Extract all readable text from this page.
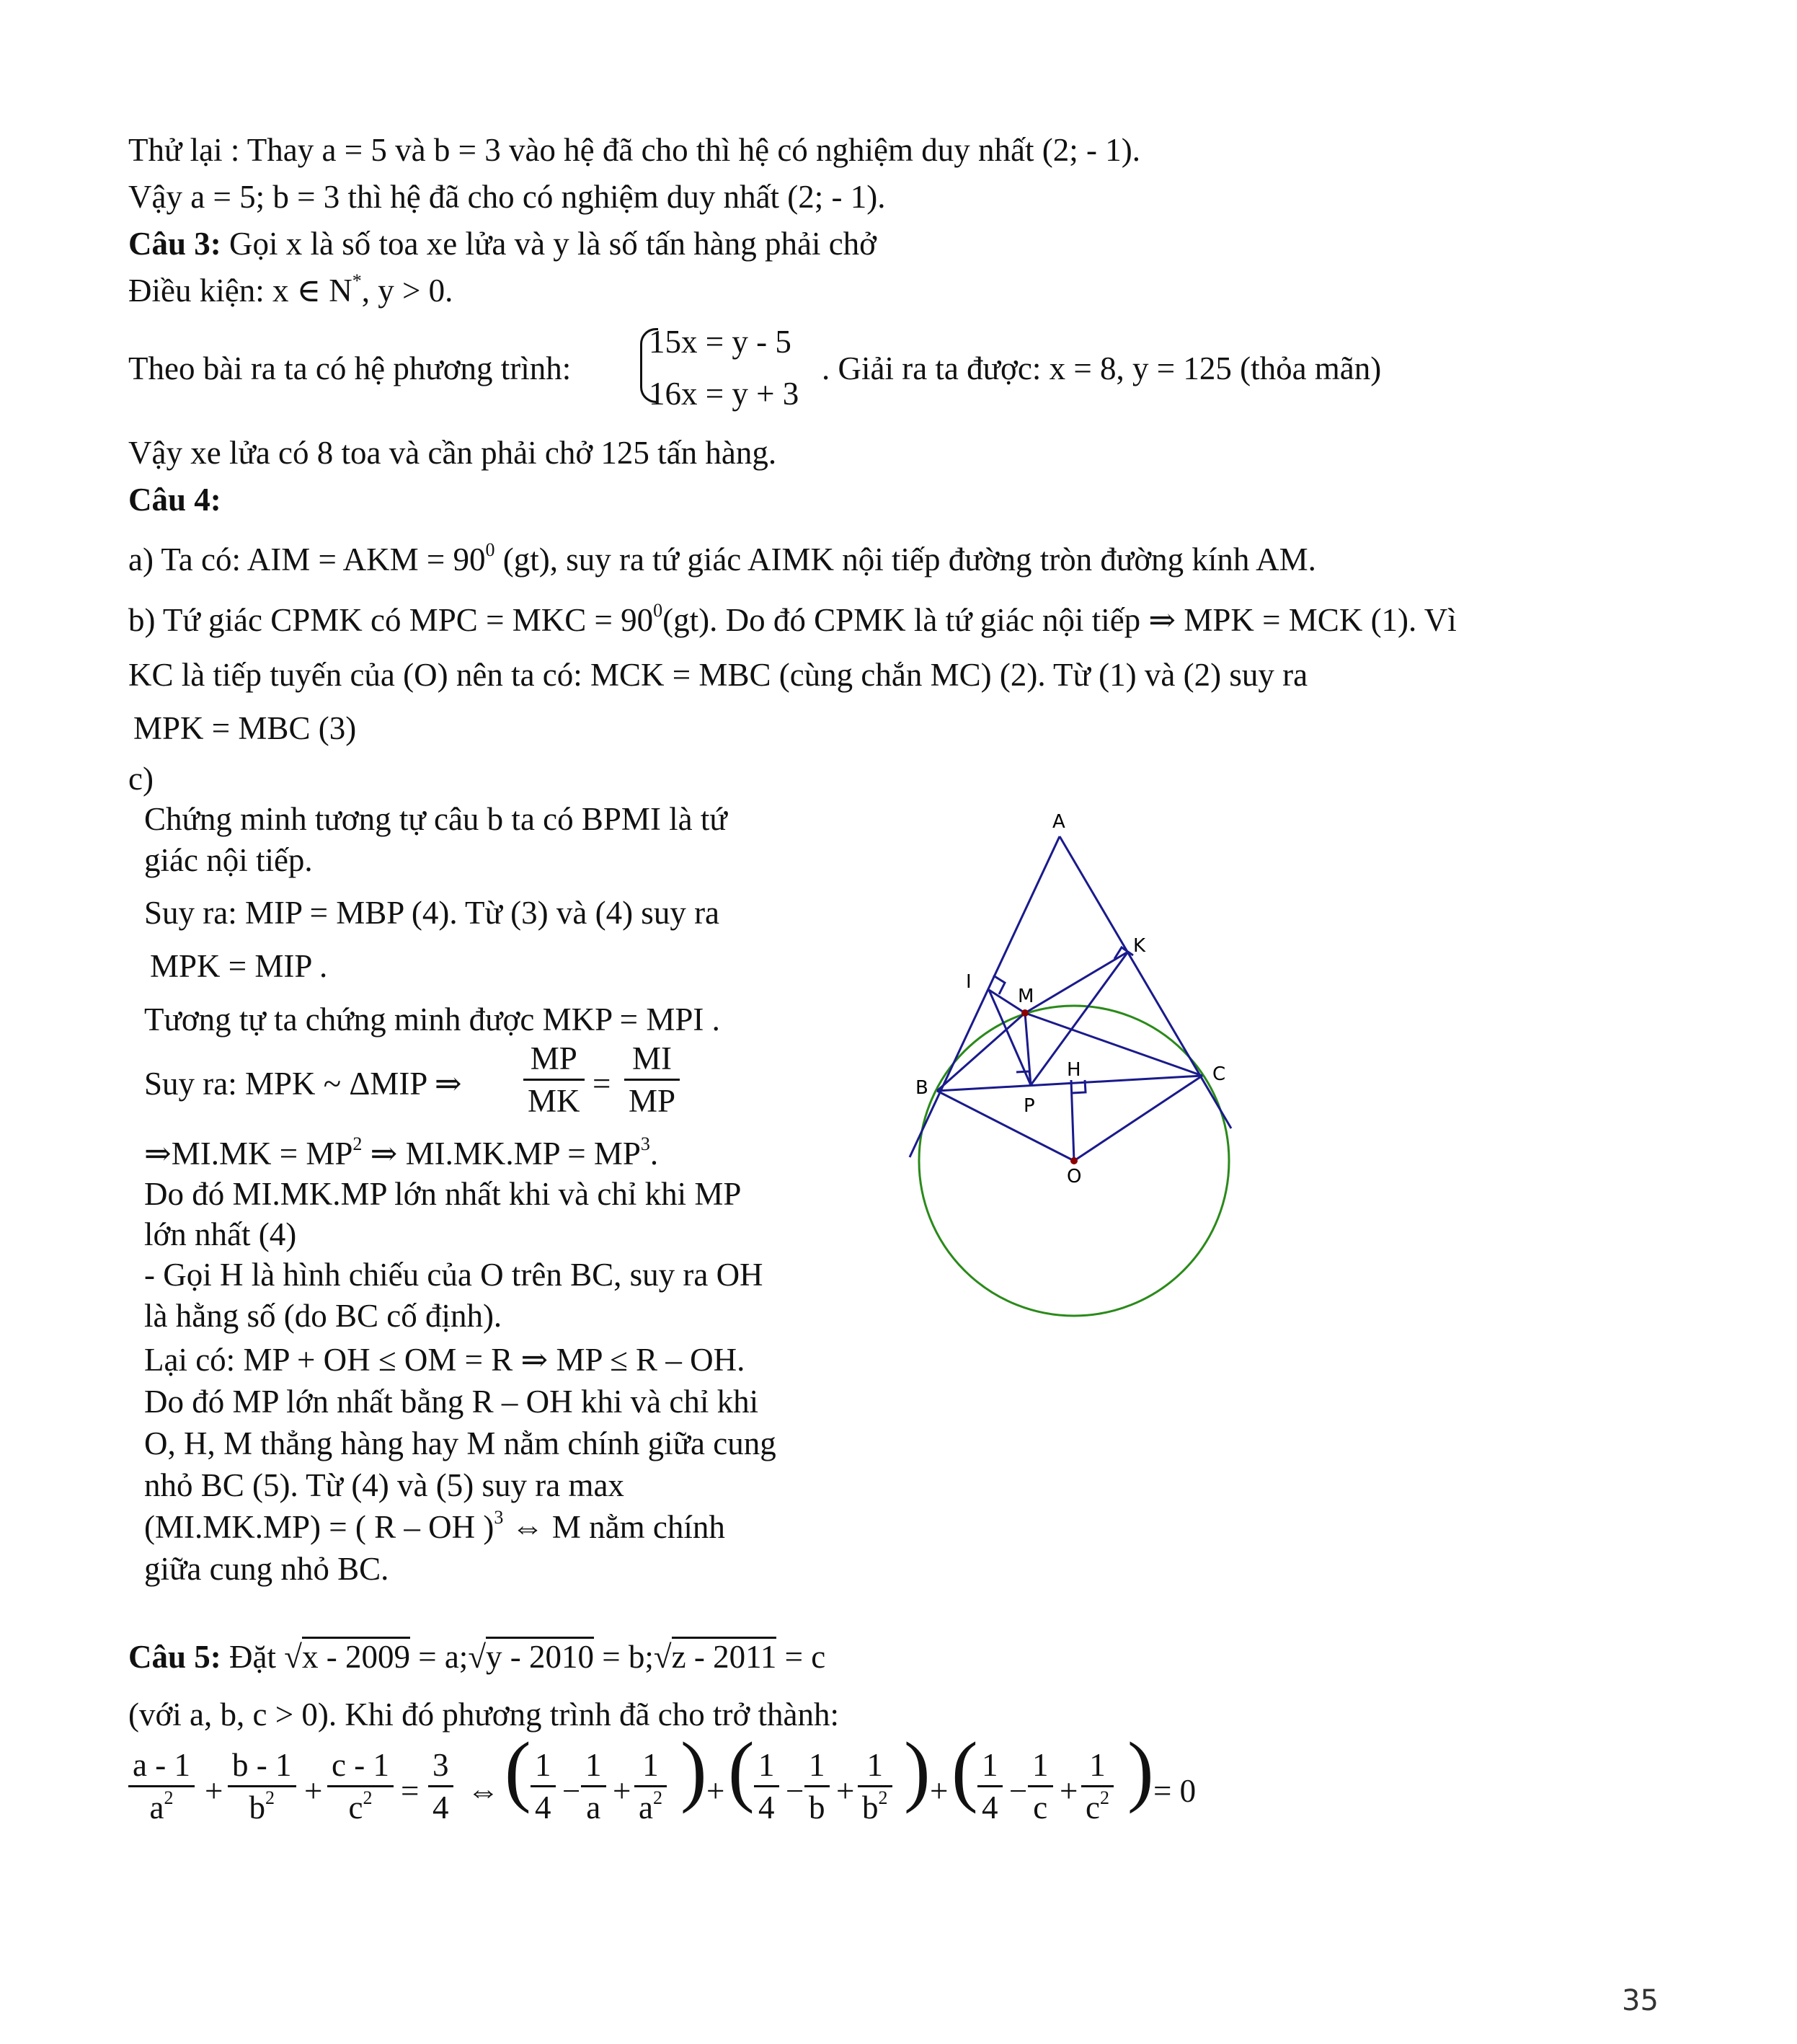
Thử lại : Thay a = 5 và b = 3 vào hệ đã cho thì hệ có nghiệm duy nhất (2; - 1).
Vậy a = 5; b = 3 thì hệ đã cho có nghiệm duy nhất (2; - 1).
Câu 3: Gọi x là số toa xe lửa và y là số tấn hàng phải chở
Điều kiện: x ∈ N*, y > 0.
Theo bài ra ta có hệ phương trình:
15x = y - 5
16x = y + 3
. Giải ra ta được: x = 8, y = 125 (thỏa mãn)
Vậy xe lửa có 8 toa và cần phải chở 125 tấn hàng.
Câu 4:
a) Ta có: AIM = AKM = $90^0$ (gt), suy ra tứ giác AIMK nội tiếp đường tròn đường kính AM.
b) Tứ giác CPMK có MPC = MKC = $90^0(gt)$. Do đó CPMK là tứ giác nội tiếp ⇒ MPK = MCK (1). Vì
KC là tiếp tuyến của (O) nên ta có: MCK = MBC (cùng chắn MC) (2). Từ (1) và (2) suy ra
MPK = MBC (3)
c)
Chứng minh tương tự câu b ta có BPMI là tứ
giác nội tiếp.
Suy ra: MIP = MBP (4). Từ (3) và (4) suy ra
MPK = MIP .
Tương tự ta chứng minh được MKP = MPI .
Suy ra: MPK ~ ΔMIP ⇒ $\frac{MP}{MK} = \frac{MI}{MP}$
⇒MI.MK = $MP^2$ ⇒ $MI.MK.MP = MP^3$.
Do đó MI.MK.MP lớn nhất khi và chỉ khi MP
lớn nhất (4)
- Gọi H là hình chiếu của O trên BC, suy ra OH
là hằng số (do BC cố định).
Lại có: MP + OH ≤ OM = R ⇒ MP ≤ R – OH.
Do đó MP lớn nhất bằng R – OH khi và chỉ khi
O, H, M thẳng hàng hay M nằm chính giữa cung
nhỏ BC (5). Từ (4) và (5) suy ra max
(MI.MK.MP) = ( R – OH )$^3$ ⇔ M nằm chính
giữa cung nhỏ BC.
A
B
C
I
K
M
H
P
O
Câu 5: Đặt √x - 2009 = a;√y - 2010 = b;√z - 2011 = c
(với a, b, c > 0). Khi đó phương trình đã cho trở thành:
$\frac{a - 1}{a^2} + \frac{b - 1}{b^2} + \frac{c - 1}{c^2} = \frac{3}{4}$ ⇔ ( $\frac{1}{4} - \frac{1}{a} + \frac{1}{a^2}$ ) + ( $\frac{1}{4} - \frac{1}{b} + \frac{1}{b^2}$ ) + ( $\frac{1}{4} - \frac{1}{c} + \frac{1}{c^2}$ ) = 0
35
